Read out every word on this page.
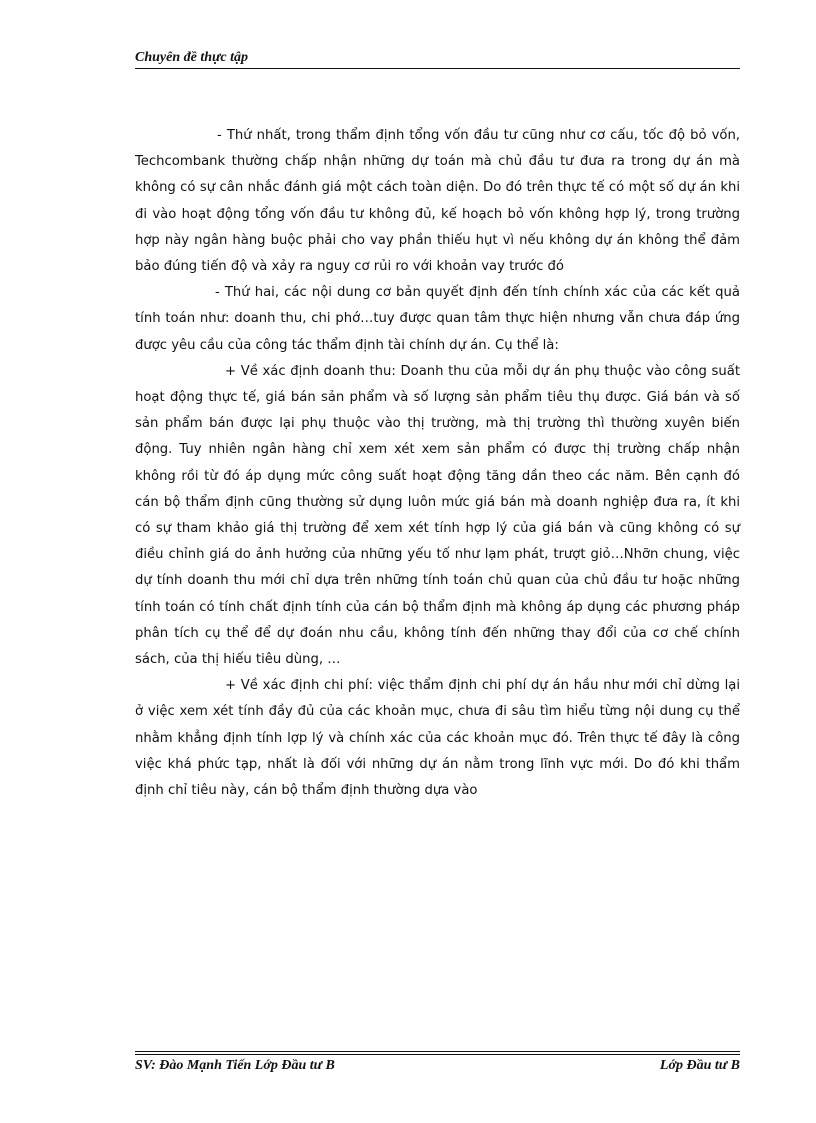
Chuyên đề thực tập

- Thứ nhất, trong thẩm định tổng vốn đầu tư cũng như cơ cấu, tốc độ bỏ vốn, Techcombank thường chấp nhận những dự toán mà chủ đầu tư đưa ra trong dự án mà không có sự cân nhắc đánh giá một cách toàn diện. Do đó trên thực tế có một số dự án khi đi vào hoạt động tổng vốn đầu tư không đủ, kế hoạch bỏ vốn không hợp lý, trong trường hợp này ngân hàng buộc phải cho vay phần thiếu hụt vì nếu không dự án không thể đảm bảo đúng tiến độ và xảy ra nguy cơ rủi ro với khoản vay trước đó

- Thứ hai, các nội dung cơ bản quyết định đến tính chính xác của các kết quả tính toán như: doanh thu, chi phớ…tuy được quan tâm thực hiện nhưng vẫn chưa đáp ứng được yêu cầu của công tác thẩm định tài chính dự án. Cụ thể là:

+ Về xác định doanh thu: Doanh thu của mỗi dự án phụ thuộc vào công suất hoạt động thực tế, giá bán sản phẩm và số lượng sản phẩm tiêu thụ được. Giá bán và số sản phẩm bán được lại phụ thuộc vào thị trường, mà thị trường thì thường xuyên biến động. Tuy nhiên ngân hàng chỉ xem xét xem sản phẩm có được thị trường chấp nhận không rồi từ đó áp dụng mức công suất hoạt động tăng dần theo các năm. Bên cạnh đó cán bộ thẩm định cũng thường sử dụng luôn mức giá bán mà doanh nghiệp đưa ra, ít khi có sự tham khảo giá thị trường để xem xét tính hợp lý của giá bán và cũng không có sự điều chỉnh giá do ảnh hưởng của những yếu tố như lạm phát, trượt giỏ…Nhỡn chung, việc dự tính doanh thu mới chỉ dựa trên những tính toán chủ quan của chủ đầu tư hoặc những tính toán có tính chất định tính của cán bộ thẩm định mà không áp dụng các phương pháp phân tích cụ thể để dự đoán nhu cầu, không tính đến những thay đổi của cơ chế chính sách, của thị hiếu tiêu dùng, …

+ Về xác định chi phí: việc thẩm định chi phí dự án hầu như mới chỉ dừng lại ở việc xem xét tính đầy đủ của các khoản mục, chưa đi sâu tìm hiểu từng nội dung cụ thể nhằm khẳng định tính lợp lý và chính xác của các khoản mục đó. Trên thực tế đây là công việc khá phức tạp, nhất là đối với những dự án nằm trong lĩnh vực mới. Do đó khi thẩm định chỉ tiêu này, cán bộ thẩm định thường dựa vào

SV: Đào Mạnh Tiến Lớp Đầu tư B	Lớp Đầu tư B
